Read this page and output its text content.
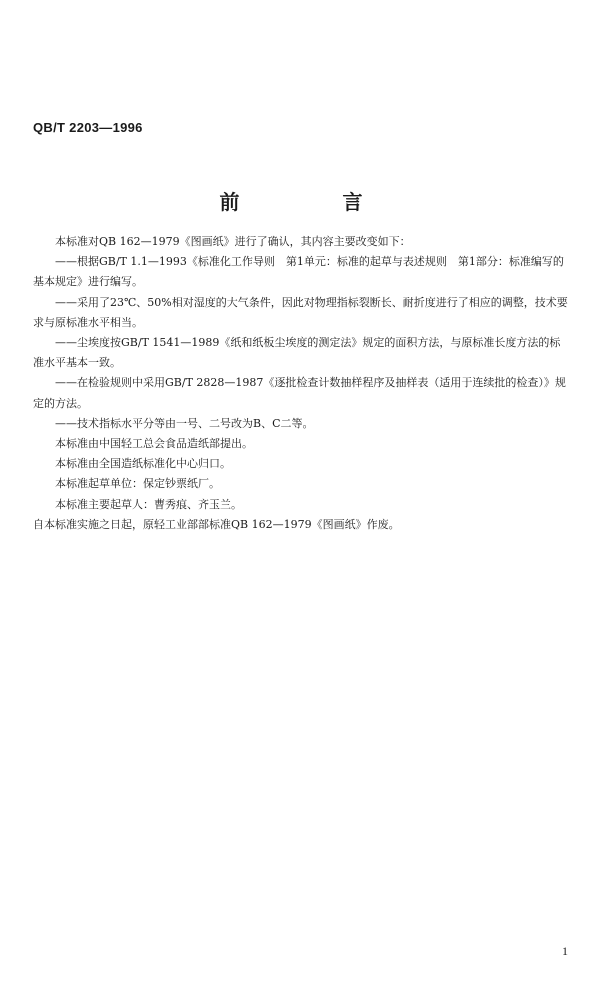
QB/T 2203—1996
前 言

本标准对QB 162—1979《图画纸》进行了确认，其内容主要改变如下：

——根据GB/T 1.1—1993《标准化工作导则　第1单元：标准的起草与表述规则　第1部分：标准编写的基本规定》进行编写。

——采用了23℃、50%相对湿度的大气条件，因此对物理指标裂断长、耐折度进行了相应的调整，技术要求与原标准水平相当。

——尘埃度按GB/T 1541—1989《纸和纸板尘埃度的测定法》规定的面积方法，与原标准长度方法的标准水平基本一致。

——在检验规则中采用GB/T 2828—1987《逐批检查计数抽样程序及抽样表（适用于连续批的检查）》规定的方法。

——技术指标水平分等由一号、二号改为B、C二等。

本标准由中国轻工总会食品造纸部提出。

本标准由全国造纸标准化中心归口。

本标准起草单位：保定钞票纸厂。

本标准主要起草人：曹秀痕、齐玉兰。

自本标准实施之日起，原轻工业部部标准QB 162—1979《图画纸》作废。

1
